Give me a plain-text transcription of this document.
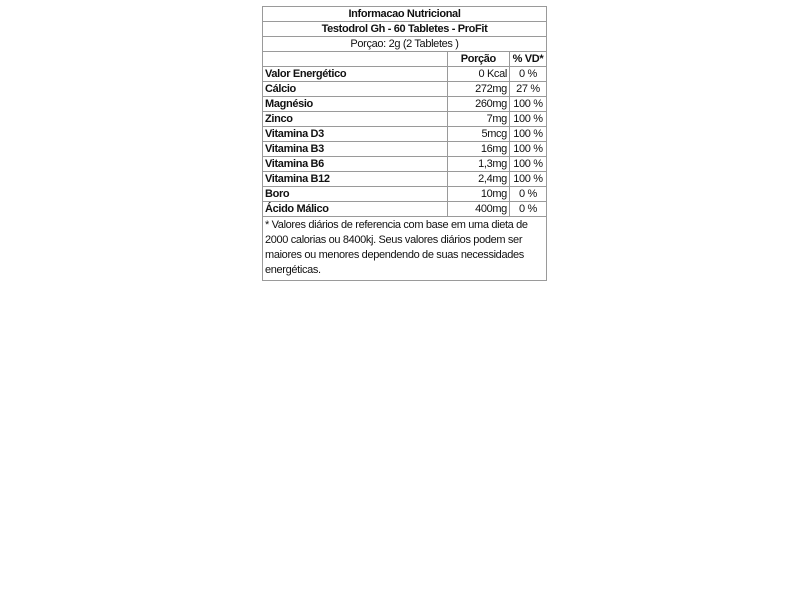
Informacao Nutricional		
Testodrol Gh - 60 Tabletes - ProFit		
Porçao: 2g (2 Tabletes )		
	Porção	% VD*
Valor Energético	0 Kcal	0 %
Cálcio	272mg	27 %
Magnésio	260mg	100 %
Zinco	7mg	100 %
Vitamina D3	5mcg	100 %
Vitamina B3	16mg	100 %
Vitamina B6	1,3mg	100 %
Vitamina B12	2,4mg	100 %
Boro	10mg	0 %
Ácido Málico	400mg	0 %
* Valores diários de referencia com base em uma dieta de 2000 calorias ou 8400kj. Seus valores diários podem ser maiores ou menores dependendo de suas necessidades energéticas.		
